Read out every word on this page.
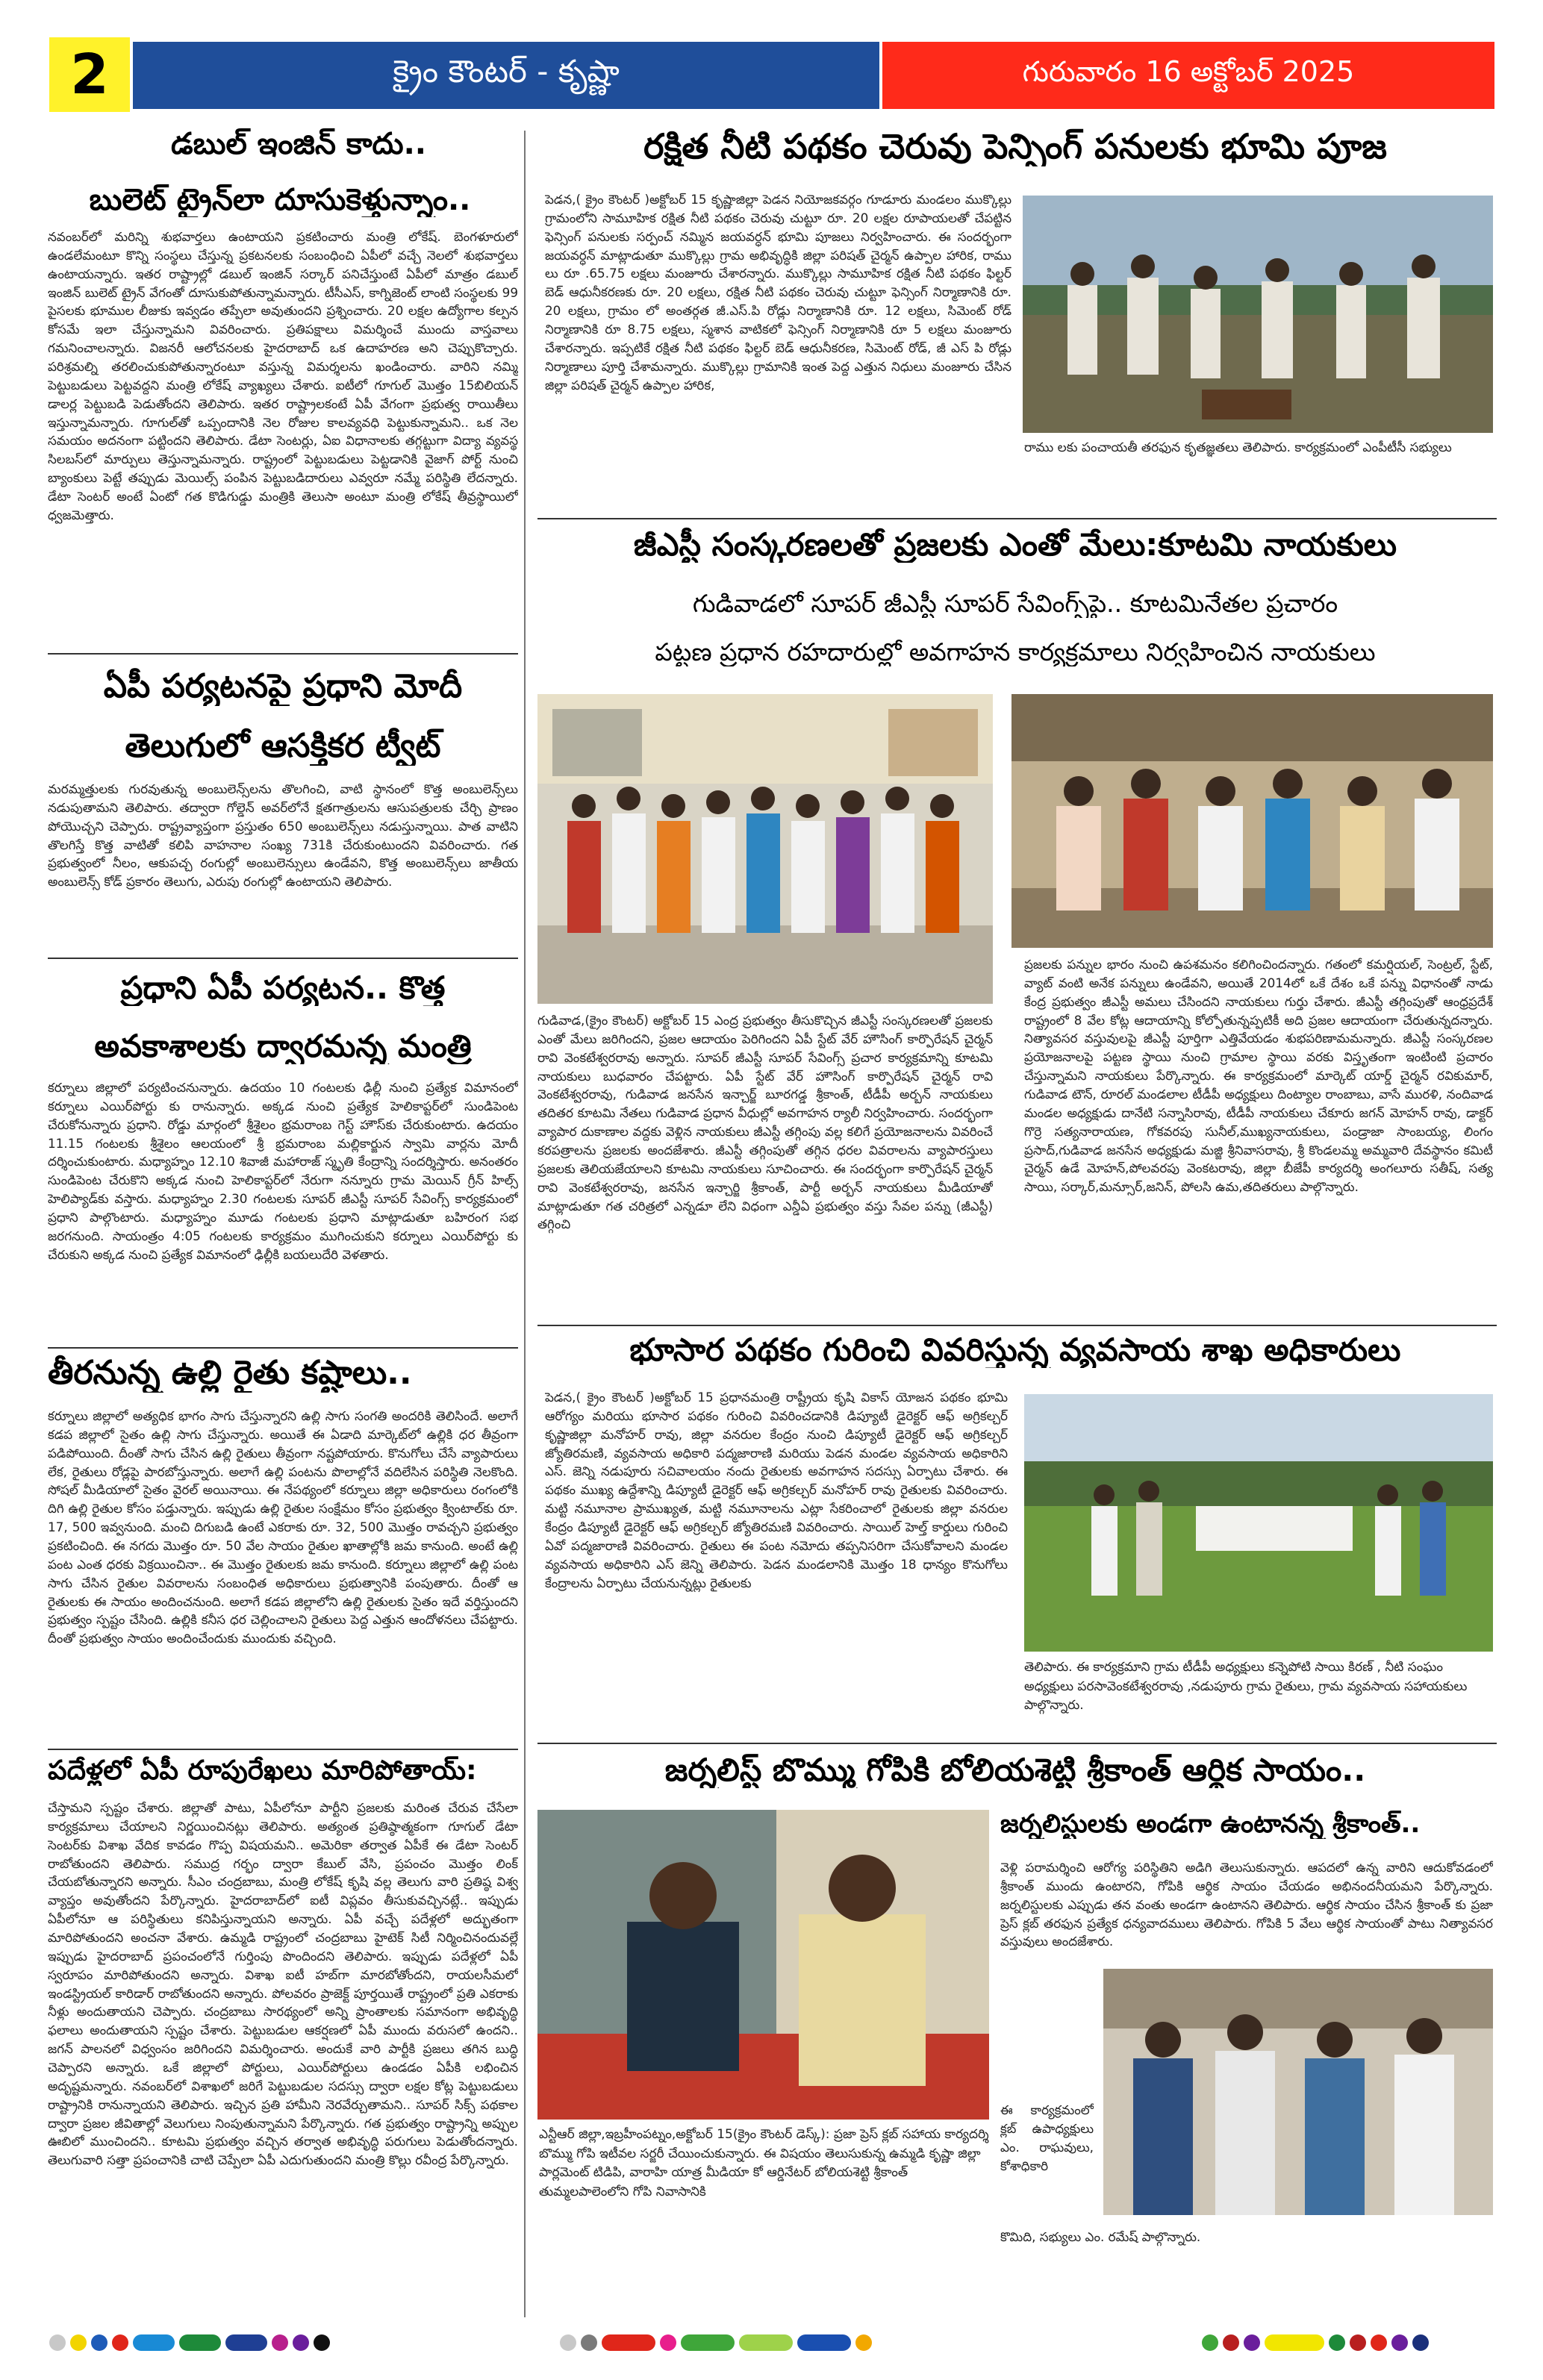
2	క్రైం కౌంటర్ - కృష్ణా	గురువారం 16 అక్టోబర్ 2025
డబుల్ ఇంజిన్ కాదు..
బులెట్ ట్రైన్‌లా దూసుకెళ్తున్నాం..
నవంబర్‌లో మరిన్ని శుభవార్తలు ఉంటాయని ప్రకటించారు మంత్రి లోకేష్. బెంగళూరులో ఉండలేమంటూ కొన్ని సంస్థలు చేస్తున్న ప్రకటనలకు సంబంధించి ఏపీలో వచ్చే నెలలో శుభవార్తలు ఉంటాయన్నారు. ఇతర రాష్ట్రాల్లో డబుల్ ఇంజిన్ సర్కార్ పనిచేస్తుంటే ఏపీలో మాత్రం డబుల్ ఇంజిన్ బులెట్ ట్రైన్ వేగంతో దూసుకుపోతున్నామన్నారు. టీసీఎస్, కాగ్నిజెంట్ లాంటి సంస్థలకు 99 పైసలకు భూముల లీజుకు ఇవ్వడం తప్పేలా అవుతుందని ప్రశ్నించారు. 20 లక్షల ఉద్యోగాల కల్పన కోసమే ఇలా చేస్తున్నామని వివరించారు. ప్రతిపక్షాలు విమర్శించే ముందు వాస్తవాలు గమనించాలన్నారు. విజనరీ ఆలోచనలకు హైదరాబాద్ ఒక ఉదాహరణ అని చెప్పుకొచ్చారు. పరిశ్రమల్ని తరలించుకుపోతున్నారంటూ వస్తున్న విమర్శలను ఖండించారు. వారిని నమ్మి పెట్టుబడులు పెట్టవద్దని మంత్రి లోకేష్ వ్యాఖ్యలు చేశారు. ఐటీలో గూగుల్ మొత్తం 15బిలియన్ డాలర్ల పెట్టుబడి పెడుతోందని తెలిపారు. ఇతర రాష్ట్రాలకంటే ఏపీ వేగంగా ప్రభుత్వ రాయితీలు ఇస్తున్నామన్నారు. గూగుల్‌తో ఒప్పందానికి నెల రోజుల కాలవ్యవధి పెట్టుకున్నామని.. ఒక నెల సమయం అదనంగా పట్టిందని తెలిపారు. డేటా సెంటర్లు, ఏఐ విధానాలకు తగ్గట్టుగా విద్యా వ్యవస్థ సిలబస్‌లో మార్పులు తెస్తున్నామన్నారు. రాష్ట్రంలో పెట్టుబడులు పెట్టడానికి వైజాగ్ పోర్ట్ నుంచి బ్యాంకులు పెట్టే తప్పుడు మెయిల్స్ పంపిన పెట్టుబడిదారులు ఎవ్వరూ నమ్మే పరిస్థితి లేదన్నారు. డేటా సెంటర్ అంటే ఏంటో గత కొడిగుడ్డు మంత్రికి తెలుసా అంటూ మంత్రి లోకేష్ తీవ్రస్థాయిలో ధ్వజమెత్తారు.
ఏపీ పర్యటనపై ప్రధాని మోదీ
తెలుగులో ఆసక్తికర ట్వీట్
మరమ్మత్తులకు గురవుతున్న అంబులెన్స్‌లను తొలగించి, వాటి స్థానంలో కొత్త అంబులెన్స్‌లు నడుపుతామని తెలిపారు. తద్వారా గోల్డెన్ అవర్‌లోనే క్షతగాత్రులను ఆసుపత్రులకు చేర్చి ప్రాణం పోయొచ్చని చెప్పారు. రాష్ట్రవ్యాప్తంగా ప్రస్తుతం 650 అంబులెన్స్‌లు నడుస్తున్నాయి. పాత వాటిని తొలగిస్తే కొత్త వాటితో కలిపి వాహనాల సంఖ్య 731కి చేరుకుంటుందని వివరించారు. గత ప్రభుత్వంలో నీలం, ఆకుపచ్చ రంగుల్లో అంబులెన్సులు ఉండేవని, కొత్త అంబులెన్స్‌లు జాతీయ అంబులెన్స్ కోడ్ ప్రకారం తెలుగు, ఎరుపు రంగుల్లో ఉంటాయని తెలిపారు.
ప్రధాని ఏపీ పర్యటన.. కొత్త
అవకాశాలకు ద్వారమన్న మంత్రి
కర్నూలు జిల్లాలో పర్యటించనున్నారు. ఉదయం 10 గంటలకు ఢిల్లీ నుంచి ప్రత్యేక విమానంలో కర్నూలు ఎయిర్‌పోర్టు కు రానున్నారు. అక్కడ నుంచి ప్రత్యేక హెలికాప్టర్‌లో సుండిపెంట చేరుకోనున్నారు ప్రధాని. రోడ్డు మార్గంలో శ్రీశైలం భ్రమరాంబ గెస్ట్ హౌస్‌కు చేరుకుంటారు. ఉదయం 11.15 గంటలకు శ్రీశైలం ఆలయంలో శ్రీ భ్రమరాంబ మల్లికార్జున స్వామి వార్లను మోదీ దర్శించుకుంటారు. మధ్యాహ్నం 12.10 శివాజీ మహారాజ్ స్మృతి కేంద్రాన్ని సందర్శిస్తారు. అనంతరం సుండిపెంట చేరుకొని అక్కడ నుంచి హెలికాప్టర్‌లో నేరుగా నన్నూరు గ్రామ మెయిన్ గ్రీన్ హిల్స్ హెలిప్యాడ్‌కు వస్తారు. మధ్యాహ్నం 2.30 గంటలకు సూపర్ జీఎస్టీ సూపర్ సేవింగ్స్ కార్యక్రమంలో ప్రధాని పాల్గొంటారు. మధ్యాహ్నం మూడు గంటలకు ప్రధాని మాట్లాడుతూ బహిరంగ సభ జరగనుంది. సాయంత్రం 4:05 గంటలకు కార్యక్రమం ముగించుకుని కర్నూలు ఎయిర్‌పోర్టు కు చేరుకుని అక్కడ నుంచి ప్రత్యేక విమానంలో ఢిల్లీకి బయలుదేరి వెళతారు.
తీరనున్న ఉల్లి రైతు కష్టాలు..
కర్నూలు జిల్లాలో అత్యధిక భాగం సాగు చేస్తున్నారని ఉల్లి సాగు సంగతి అందరికి తెలిసిందే. అలాగే కడప జిల్లాలో సైతం ఉల్లి సాగు చేస్తున్నారు. అయితే ఈ ఏడాది మార్కెట్‌లో ఉల్లికి ధర తీవ్రంగా పడిపోయింది. దీంతో సాగు చేసిన ఉల్లి రైతులు తీవ్రంగా నష్టపోయారు. కొనుగోలు చేసే వ్యాపారులు లేక, రైతులు రోడ్లపై పారబోస్తున్నారు. అలాగే ఉల్లి పంటను పొలాల్లోనే వదిలేసిన పరిస్థితి నెలకొంది. సోషల్ మీడియాలో సైతం వైరల్ అయినాయి. ఈ నేపథ్యంలో కర్నూలు జిల్లా అధికారులు రంగంలోకి దిగి ఉల్లి రైతుల కోసం పడ్తున్నారు. ఇప్పుడు ఉల్లి రైతుల సంక్షేమం కోసం ప్రభుత్వం క్వింటాల్‌కు రూ. 17, 500 ఇవ్వనుంది. మంచి దిగుబడి ఉంటే ఎకరాకు రూ. 32, 500 మొత్తం రావచ్చని ప్రభుత్వం ప్రకటించింది. ఈ నగదు మొత్తం రూ. 50 వేల సాయం రైతుల ఖాతాల్లోకి జమ కానుంది. అంటే ఉల్లి పంట ఎంత ధరకు విక్రయించినా.. ఈ మొత్తం రైతులకు జమ కానుంది. కర్నూలు జిల్లాలో ఉల్లి పంట సాగు చేసిన రైతుల వివరాలను సంబంధిత అధికారులు ప్రభుత్వానికి పంపుతారు. దీంతో ఆ రైతులకు ఈ సాయం అందించనుంది. అలాగే కడప జిల్లాలోని ఉల్లి రైతులకు సైతం ఇదే వర్తిస్తుందని ప్రభుత్వం స్పష్టం చేసింది. ఉల్లికి కనీస ధర చెల్లించాలని రైతులు పెద్ద ఎత్తున ఆందోళనలు చేపట్టారు. దీంతో ప్రభుత్వం సాయం అందించేందుకు ముందుకు వచ్చింది.
పదేళ్లలో ఏపీ రూపురేఖలు మారిపోతాయ్:
చేస్తామని స్పష్టం చేశారు. జిల్లాతో పాటు, ఏపీలోనూ పార్టీని ప్రజలకు మరింత చేరువ చేసేలా కార్యక్రమాలు చేయాలని నిర్ణయించినట్లు తెలిపారు. అత్యంత ప్రతిష్ఠాత్మకంగా గూగుల్ డేటా సెంటర్‌కు విశాఖ వేదిక కావడం గొప్ప విషయమని.. అమెరికా తర్వాత ఏపీకే ఈ డేటా సెంటర్ రాబోతుందని తెలిపారు. సముద్ర గర్భం ద్వారా కేబుల్ వేసి, ప్రపంచం మొత్తం లింక్ చేయబోతున్నారని అన్నారు. సీఎం చంద్రబాబు, మంత్రి లోకేష్ కృషి వల్ల తెలుగు వారి ప్రతిష్ఠ విశ్వ వ్యాప్తం అవుతోందని పేర్కొన్నారు. హైదరాబాద్‌లో ఐటీ విప్లవం తీసుకువచ్చినట్లే.. ఇప్పుడు ఏపీలోనూ ఆ పరిస్థితులు కనిపిస్తున్నాయని అన్నారు. ఏపీ వచ్చే పదేళ్లలో అద్భుతంగా మారిపోతుందని అంచనా వేశారు. ఉమ్మడి రాష్ట్రంలో చంద్రబాబు హైటెక్ సిటీ నిర్మించినందువల్లే ఇప్పుడు హైదరాబాద్ ప్రపంచంలోనే గుర్తింపు పొందిందని తెలిపారు. ఇప్పుడు పదేళ్లలో ఏపీ స్వరూపం మారిపోతుందని అన్నారు. విశాఖ ఐటీ హబ్‌గా మారబోతోందని, రాయలసీమలో ఇండస్ట్రియల్ కారిడార్ రాబోతుందని అన్నారు. పోలవరం ప్రాజెక్ట్ పూర్తయితే రాష్ట్రంలో ప్రతి ఎకరాకు నీళ్లు అందుతాయని చెప్పారు. చంద్రబాబు సారథ్యంలో అన్ని ప్రాంతాలకు సమానంగా అభివృద్ధి ఫలాలు అందుతాయని స్పష్టం చేశారు. పెట్టుబడుల ఆకర్షణలో ఏపీ ముందు వరుసలో ఉందని.. జగన్ పాలనలో విధ్వంసం జరిగిందని విమర్శించారు. అందుకే వారి పార్టీకి ప్రజలు తగిన బుద్ధి చెప్పారని అన్నారు. ఒకే జిల్లాలో పోర్టులు, ఎయిర్‌పోర్టులు ఉండడం ఏపీకి లభించిన అదృష్టమన్నారు. నవంబర్‌లో విశాఖలో జరిగే పెట్టుబడుల సదస్సు ద్వారా లక్షల కోట్ల పెట్టుబడులు రాష్ట్రానికి రానున్నాయని తెలిపారు. ఇచ్చిన ప్రతి హామీని నెరవేర్చుతామని.. సూపర్ సిక్స్ పథకాల ద్వారా ప్రజల జీవితాల్లో వెలుగులు నింపుతున్నామని పేర్కొన్నారు. గత ప్రభుత్వం రాష్ట్రాన్ని అప్పుల ఊబిలో ముంచిందని.. కూటమి ప్రభుత్వం వచ్చిన తర్వాత అభివృద్ధి పరుగులు పెడుతోందన్నారు. తెలుగువారి సత్తా ప్రపంచానికి చాటి చెప్పేలా ఏపీ ఎదుగుతుందని మంత్రి కొల్లు రవీంద్ర పేర్కొన్నారు.
రక్షిత నీటి పథకం చెరువు పెన్సింగ్ పనులకు భూమి పూజ
పెడన,( క్రైం కౌంటర్ )అక్టోబర్ 15 కృష్ణాజిల్లా పెడన నియోజకవర్గం గూడూరు మండలం ముక్కొల్లు గ్రామంలోని సామూహిక రక్షిత నీటి పథకం చెరువు చుట్టూ రూ. 20 లక్షల రూపాయలతో చేపట్టిన ఫెన్సింగ్ పనులకు సర్పంచ్ నమ్మిన జయవర్ధన్ భూమి పూజలు నిర్వహించారు. ఈ సందర్భంగా జయవర్ధన్ మాట్లాడుతూ ముక్కొల్లు గ్రామ అభివృద్ధికి జిల్లా పరిషత్ చైర్మన్ ఉప్పాల హారిక, రాము లు రూ .65.75 లక్షలు మంజూరు చేశారన్నారు. ముక్కొల్లు సామూహిక రక్షిత నీటి పథకం ఫిల్టర్ బెడ్ ఆధునీకరణకు రూ. 20 లక్షలు, రక్షిత నీటి పథకం చెరువు చుట్టూ ఫెన్సింగ్ నిర్మాణానికి రూ. 20 లక్షలు, గ్రామం లో అంతర్గత జీ.ఎస్.పి రోడ్లు నిర్మాణానికి రూ. 12 లక్షలు, సిమెంట్ రోడ్ నిర్మాణానికి రూ 8.75 లక్షలు, స్మశాన వాటికలో ఫెన్సింగ్ నిర్మాణానికి రూ 5 లక్షలు మంజూరు చేశారన్నారు. ఇప్పటికే రక్షిత నీటి పథకం ఫిల్టర్ బెడ్ ఆధునీకరణ, సిమెంట్ రోడ్, జీ ఎస్ పి రోడ్లు నిర్మాణాలు పూర్తి చేశామన్నారు. ముక్కొల్లు గ్రామానికి ఇంత పెద్ద ఎత్తున నిధులు మంజూరు చేసిన జిల్లా పరిషత్ చైర్మన్ ఉప్పాల హారిక,
రాము లకు పంచాయతీ తరఫున కృతజ్ఞతలు తెలిపారు. కార్యక్రమంలో ఎంపీటీసీ సభ్యులు
జీఎస్టీ సంస్కరణలతో ప్రజలకు ఎంతో మేలు:కూటమి నాయకులు
గుడివాడలో సూపర్ జీఎస్టీ సూపర్ సేవింగ్స్‌పై.. కూటమినేతల ప్రచారం
పట్టణ ప్రధాన రహదారుల్లో అవగాహన కార్యక్రమాలు నిర్వహించిన నాయకులు
గుడివాడ,(క్రైం కౌంటర్) అక్టోబర్ 15 ఎంద్ర ప్రభుత్వం తీసుకొచ్చిన జీఎస్టీ సంస్కరణలతో ప్రజలకు ఎంతో మేలు జరిగిందని, ప్రజల ఆదాయం పెరిగిందని ఏపీ స్టేట్ వేర్ హౌసింగ్ కార్పొరేషన్ చైర్మన్ రావి వెంకటేశ్వరరావు అన్నారు. సూపర్ జీఎస్టీ సూపర్ సేవింగ్స్ ప్రచార కార్యక్రమాన్ని కూటమి నాయకులు బుధవారం చేపట్టారు. ఏపీ స్టేట్ వేర్ హౌసింగ్ కార్పొరేషన్ చైర్మన్ రావి వెంకటేశ్వరరావు, గుడివాడ జనసేన ఇన్చార్జ్ బూరగడ్డ శ్రీకాంత్, టీడీపీ అర్బన్ నాయకులు తదితర కూటమి నేతలు గుడివాడ ప్రధాన వీధుల్లో అవగాహన ర్యాలీ నిర్వహించారు. సందర్భంగా వ్యాపార దుకాణాల వద్దకు వెళ్లిన నాయకులు జీఎస్టీ తగ్గింపు వల్ల కలిగే ప్రయోజనాలను వివరించే కరపత్రాలను ప్రజలకు అందజేశారు. జీఎస్టీ తగ్గింపుతో తగ్గిన ధరల వివరాలను వ్యాపారస్తులు ప్రజలకు తెలియజేయాలని కూటమి నాయకులు సూచించారు. ఈ సందర్భంగా కార్పొరేషన్ చైర్మన్ రావి వెంకటేశ్వరరావు, జనసేన ఇన్చార్జి శ్రీకాంత్, పార్టీ అర్బన్ నాయకులు మీడియాతో మాట్లాడుతూ గత చరిత్రలో ఎన్నడూ లేని విధంగా ఎన్డీఏ ప్రభుత్వం వస్తు సేవల పన్ను (జీఎస్టీ) తగ్గించి
ప్రజలకు పన్నుల భారం నుంచి ఉపశమనం కలిగించిందన్నారు. గతంలో కమర్షియల్, సెంట్రల్, స్టేట్, వ్యాట్ వంటి అనేక పన్నులు ఉండేవని, అయితే 2014లో ఒకే దేశం ఒకే పన్ను విధానంతో నాడు కేంద్ర ప్రభుత్వం జీఎస్టీ అమలు చేసిందని నాయకులు గుర్తు చేశారు. జీఎస్టీ తగ్గింపుతో ఆంధ్రప్రదేశ్ రాష్ట్రంలో 8 వేల కోట్ల ఆదాయాన్ని కోల్పోతున్నప్పటికీ అది ప్రజల ఆదాయంగా చేరుతున్నదన్నారు. నిత్యావసర వస్తువులపై జీఎస్టీ పూర్తిగా ఎత్తివేయడం శుభపరిణామమన్నారు. జీఎస్టీ సంస్కరణల ప్రయోజనాలపై పట్టణ స్థాయి నుంచి గ్రామాల స్థాయి వరకు విస్తృతంగా ఇంటింటి ప్రచారం చేస్తున్నామని నాయకులు పేర్కొన్నారు. ఈ కార్యక్రమంలో మార్కెట్ యార్డ్ చైర్మన్ రవికుమార్, గుడివాడ టౌన్, రూరల్ మండలాల టీడీపీ అధ్యక్షులు దింట్యాల రాంబాబు, వాసే మురళి, నందివాడ మండల అధ్యక్షుడు దానేటి సన్నాసిరావు, టీడీపీ నాయకులు చేకూరు జగన్ మోహన్ రావు, డాక్టర్ గొర్రె సత్యనారాయణ, గోకవరపు సునీల్,ముఖ్యనాయకులు, పండ్రాజా సాంబయ్య, లింగం ప్రసాద్,గుడివాడ జనసేన అధ్యక్షుడు మజ్జి శ్రీనివాసరావు, శ్రీ కొండలమ్మ అమ్మవారి దేవస్థానం కమిటీ చైర్మన్ ఉడే మోహన్,పోలవరపు వెంకటరావు, జిల్లా బీజేపీ కార్యదర్శి అంగలూరు సతీష్, సత్య సాయి, సర్కార్,మన్సూర్,జనిన్, పోలసి ఉమ,తదితరులు పాల్గొన్నారు.
భూసార పథకం గురించి వివరిస్తున్న వ్యవసాయ శాఖ అధికారులు
పెడన,( క్రైం కౌంటర్ )అక్టోబర్ 15 ప్రధానమంత్రి రాష్ట్రీయ కృషి వికాస్ యోజన పథకం భూమి ఆరోగ్యం మరియు భూసార పథకం గురించి వివరించడానికి డిప్యూటీ డైరెక్టర్ ఆఫ్ అగ్రికల్చర్ కృష్ణాజిల్లా మనోహర్ రావు, జిల్లా వనరుల కేంద్రం నుంచి డిప్యూటీ డైరెక్టర్ ఆఫ్ అగ్రికల్చర్ జ్యోతిరమణి, వ్యవసాయ అధికారి పద్మజారాణి మరియు పెడన మండల వ్యవసాయ అధికారిని ఎస్. జెన్ని నడుపూరు సచివాలయం నందు రైతులకు అవగాహన సదస్సు ఏర్పాటు చేశారు. ఈ పథకం ముఖ్య ఉద్దేశాన్ని డిప్యూటీ డైరెక్టర్ ఆఫ్ అగ్రికల్చర్ మనోహర్ రావు రైతులకు వివరించారు. మట్టి నమూనాల ప్రాముఖ్యత, మట్టి నమూనాలను ఎట్లా సేకరించాలో రైతులకు జిల్లా వనరుల కేంద్రం డిప్యూటీ డైరెక్టర్ ఆఫ్ అగ్రికల్చర్ జ్యోతిరమణి వివరించారు. సాయిల్ హెల్త్ కార్డులు గురించి ఏవో పద్మజారాణి వివరించారు. రైతులు ఈ పంట నమోదు తప్పనిసరిగా చేసుకోవాలని మండల వ్యవసాయ అధికారిని ఎస్ జెన్ని తెలిపారు. పెడన మండలానికి మొత్తం 18 ధాన్యం కొనుగోలు కేంద్రాలను ఏర్పాటు చేయనున్నట్లు రైతులకు
తెలిపారు. ఈ కార్యక్రమాని గ్రామ టీడీపీ అధ్యక్షులు కన్నెపోటి సాయి కిరణ్ , నీటి సంఘం అధ్యక్షులు పరసావెంకటేశ్వరరావు ,నడుపూరు గ్రామ రైతులు, గ్రామ వ్యవసాయ సహాయకులు పాల్గొన్నారు.
జర్నలిస్ట్ బొమ్ము గోపికి బోలియశెట్టి శ్రీకాంత్ ఆర్థిక సాయం..
ఎన్టీఆర్ జిల్లా,ఇబ్రహీంపట్నం,అక్టోబర్ 15(క్రైం కౌంటర్ డెస్క్): ప్రజా ప్రెస్ క్లబ్ సహాయ కార్యదర్శి బొమ్ము గోపి ఇటీవల సర్జరీ చేయించుకున్నారు. ఈ విషయం తెలుసుకున్న ఉమ్మడి కృష్ణా జిల్లా పార్లమెంట్ టిడిపి, వారాహి యాత్ర మీడియా కో ఆర్డినేటర్ బోలియశెట్టి శ్రీకాంత్ తుమ్మలపాలెంలోని గోపి నివాసానికి
జర్నలిస్టులకు అండగా ఉంటానన్న శ్రీకాంత్..
వెళ్లి పరామర్శించి ఆరోగ్య పరిస్థితిని అడిగి తెలుసుకున్నారు. ఆపదలో ఉన్న వారిని ఆదుకోవడంలో శ్రీకాంత్ ముందు ఉంటారని, గోపికి ఆర్థిక సాయం చేయడం అభినందనీయమని పేర్కొన్నారు. జర్నలిస్టులకు ఎప్పుడు తన వంతు అండగా ఉంటానని తెలిపారు. ఆర్థిక సాయం చేసిన శ్రీకాంత్ కు ప్రజా ప్రెస్ క్లబ్ తరఫున ప్రత్యేక ధన్యవాదములు తెలిపారు. గోపికి 5 వేలు ఆర్థిక సాయంతో పాటు నిత్యావసర వస్తువులు అందజేశారు.
ఈ కార్యక్రమంలో క్లబ్ ఉపాధ్యక్షులు ఎం. రాఘవులు, కోశాధికారి
కొమిది, సభ్యులు ఎం. రమేష్ పాల్గొన్నారు.
